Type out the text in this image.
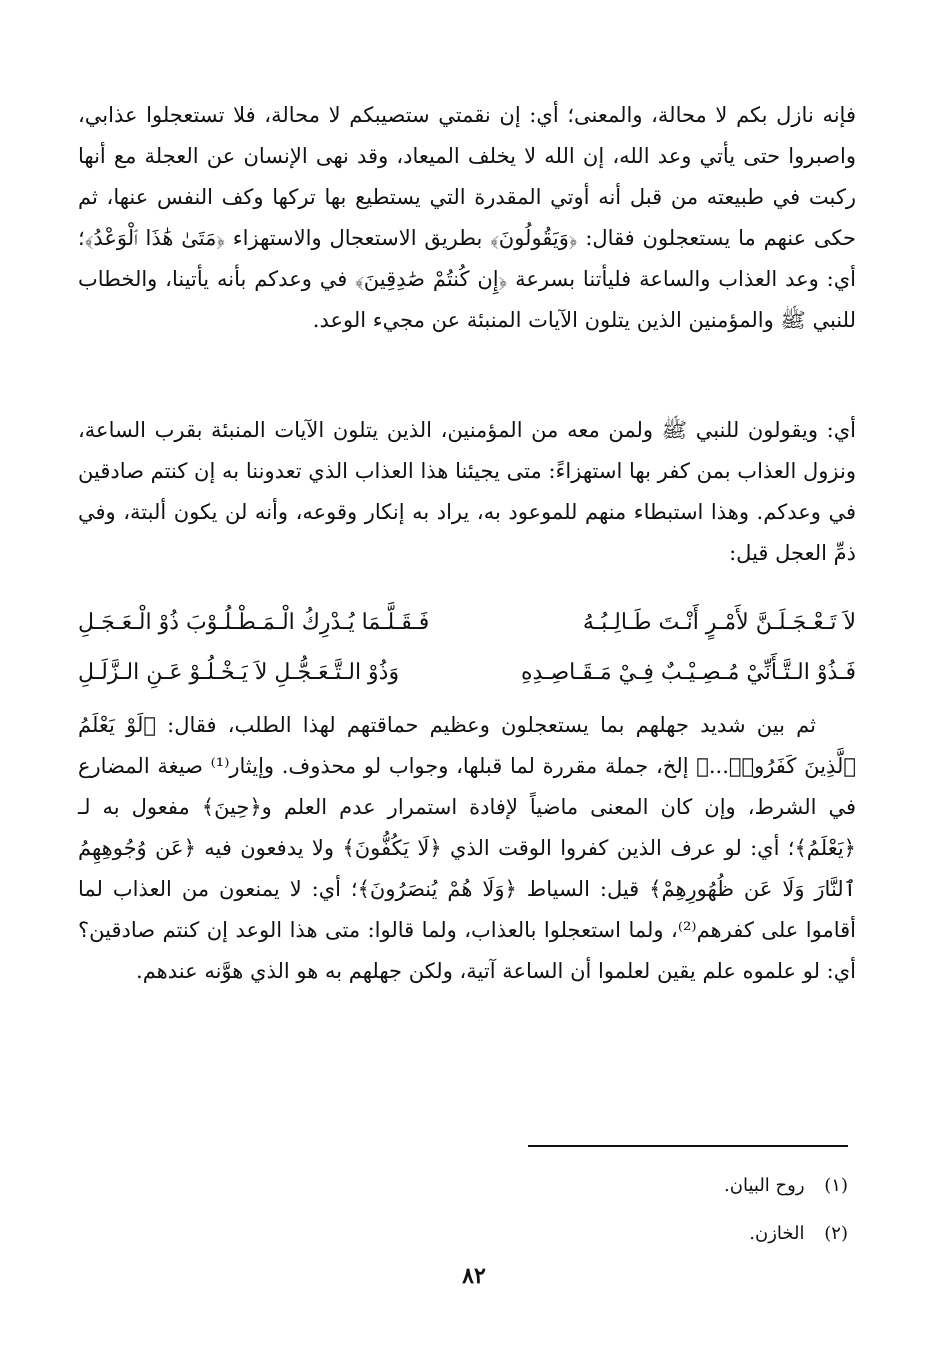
فإنه نازل بكم لا محالة، والمعنى؛ أي: إن نقمتي ستصيبكم لا محالة، فلا تستعجلوا عذابي، واصبروا حتى يأتي وعد الله، إن الله لا يخلف الميعاد، وقد نهى الإنسان عن العجلة مع أنها ركبت في طبيعته من قبل أنه أوتي المقدرة التي يستطيع بها تركها وكف النفس عنها، ثم حكى عنهم ما يستعجلون فقال: ﴿وَيَقُولُونَ﴾ بطريق الاستعجال والاستهزاء ﴿مَتَىٰ هَٰذَا ٱلْوَعْدُ﴾؛ أي: وعد العذاب والساعة فليأتنا بسرعة ﴿إِن كُنتُمْ صَٰدِقِينَ﴾ في وعدكم بأنه يأتينا، والخطاب للنبي ﷺ والمؤمنين الذين يتلون الآيات المنبئة عن مجيء الوعد.

أي: ويقولون للنبي ﷺ ولمن معه من المؤمنين، الذين يتلون الآيات المنبئة بقرب الساعة، ونزول العذاب بمن كفر بها استهزاءً: متى يجيئنا هذا العذاب الذي تعدوننا به إن كنتم صادقين في وعدكم. وهذا استبطاء منهم للموعود به، يراد به إنكار وقوعه، وأنه لن يكون ألبتة، وفي ذمِّ العجل قيل:

لاَ تَـعْـجَـلَـنَّ لأَمْـرٍ أَنْـتَ طَـالِـبُـهُ
فَـقَـلَّـمَا يُـدْرِكُ الْـمَـطْـلُـوْبَ ذُوْ الْـعَـجَـلِ
فَـذُوْ الـتَّـأَنِّيْ مُـصِـيْـبٌ فِـيْ مَـقَـاصِـدِهِ
وَذُوْ الـتَّـعَـجُّـلِ لاَ يَـخْـلُـوْ عَـنِ الـزَّلَـلِ

ثم بين شديد جهلهم بما يستعجلون وعظيم حماقتهم لهذا الطلب، فقال: ﴿لَوْ يَعْلَمُ ٱلَّذِينَ كَفَرُوا۟...﴾ إلخ، جملة مقررة لما قبلها، وجواب لو محذوف. وإيثار⁽¹⁾ صيغة المضارع في الشرط، وإن كان المعنى ماضياً لإفادة استمرار عدم العلم و﴿حِينَ﴾ مفعول به لـ ﴿يَعْلَمُ﴾؛ أي: لو عرف الذين كفروا الوقت الذي ﴿لَا يَكُفُّونَ﴾ ولا يدفعون فيه ﴿عَن وُجُوهِهِمُ ٱلنَّارَ وَلَا عَن ظُهُورِهِمْ﴾ قيل: السياط ﴿وَلَا هُمْ يُنصَرُونَ﴾؛ أي: لا يمنعون من العذاب لما أقاموا على كفرهم⁽²⁾، ولما استعجلوا بالعذاب، ولما قالوا: متى هذا الوعد إن كنتم صادقين؟ أي: لو علموه علم يقين لعلموا أن الساعة آتية، ولكن جهلهم به هو الذي هوَّنه عندهم.

(١) روح البيان.
(٢) الخازن.
٨٢
